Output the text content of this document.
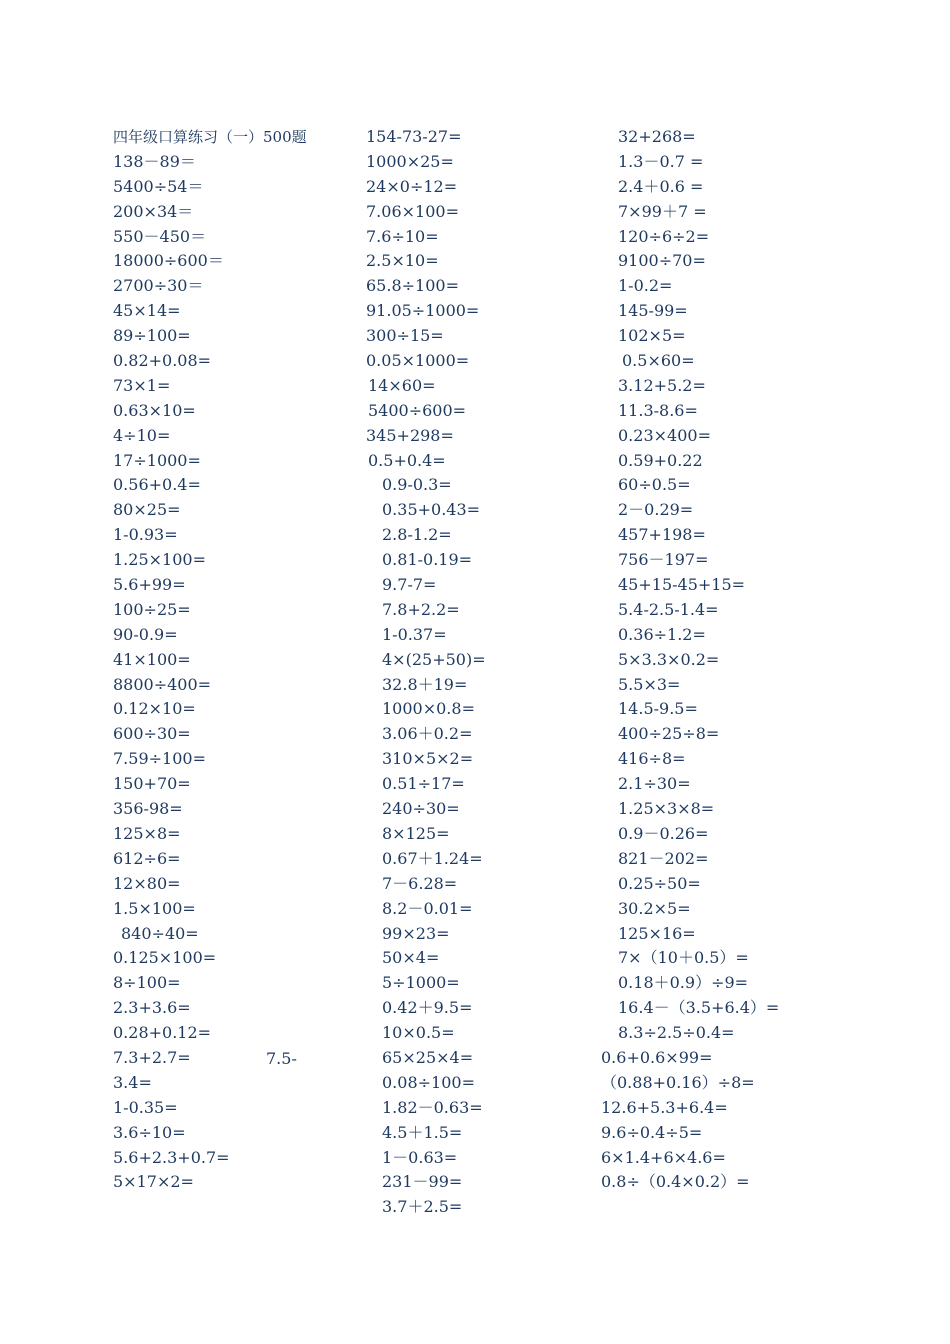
四年级口算练习（一）500题
138－89＝
5400÷54＝
200×34＝
550－450＝
18000÷600＝
2700÷30＝
45×14=
89÷100=
0.82+0.08=
73×1=
0.63×10=
4÷10=
17÷1000=
0.56+0.4=
80×25=
1-0.93=
1.25×100=
5.6+99=
100÷25=
90-0.9=
41×100=
8800÷400=
0.12×10=
600÷30=
7.59÷100=
150+70=
356-98=
125×8=
612÷6=
12×80=
1.5×100=
840÷40=
0.125×100=
8÷100=
2.3+3.6=
0.28+0.12=
7.3+2.7=
3.4=
1-0.35=
3.6÷10=
5.6+2.3+0.7=
5×17×2=
7.5-
154-73-27=
1000×25=
24×0÷12=
7.06×100=
7.6÷10=
2.5×10=
65.8÷100=
91.05÷1000=
300÷15=
0.05×1000=
14×60=
5400÷600=
345+298=
0.5+0.4=
0.9-0.3=
0.35+0.43=
2.8-1.2=
0.81-0.19=
9.7-7=
7.8+2.2=
1-0.37=
4×(25+50)=
32.8＋19=
1000×0.8=
3.06＋0.2=
310×5×2=
0.51÷17=
240÷30=
8×125=
0.67＋1.24=
7－6.28=
8.2－0.01=
99×23=
50×4=
5÷1000=
0.42＋9.5=
10×0.5=
65×25×4=
0.08÷100=
1.82－0.63=
4.5＋1.5=
1－0.63=
231－99=
3.7＋2.5=
32+268=
1.3－0.7 =
2.4＋0.6 =
7×99＋7 =
120÷6÷2=
9100÷70=
1-0.2=
145-99=
102×5=
0.5×60=
3.12+5.2=
11.3-8.6=
0.23×400=
0.59+0.22
60÷0.5=
2－0.29=
457+198=
756－197=
45+15-45+15=
5.4-2.5-1.4=
0.36÷1.2=
5×3.3×0.2=
5.5×3=
14.5-9.5=
400÷25÷8=
416÷8=
2.1÷30=
1.25×3×8=
0.9－0.26=
821－202=
0.25÷50=
30.2×5=
125×16=
7×（10＋0.5）=
0.18＋0.9）÷9=
16.4－（3.5+6.4）=
8.3÷2.5÷0.4=
0.6+0.6×99=
（0.88+0.16）÷8=
12.6+5.3+6.4=
9.6÷0.4÷5=
6×1.4+6×4.6=
0.8÷（0.4×0.2）=
